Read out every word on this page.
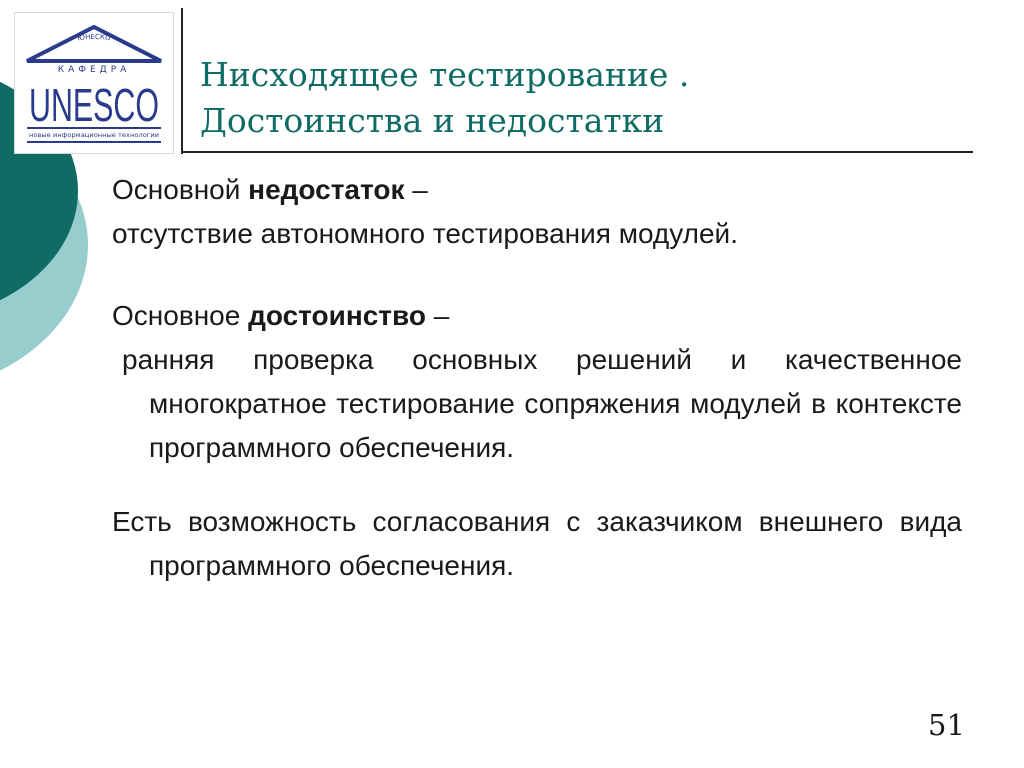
ЮНЕСКО
КАФЕДРА
UNESCO
новые информационные технологии
Нисходящее тестирование .
Достоинства и недостатки

Основной недостаток –

отсутствие автономного тестирования модулей.

Основное достоинство –

ранняя проверка основных решений и качественное многократное тестирование сопряжения модулей в контексте программного обеспечения.

Есть возможность согласования с заказчиком внешнего вида программного обеспечения.

51
